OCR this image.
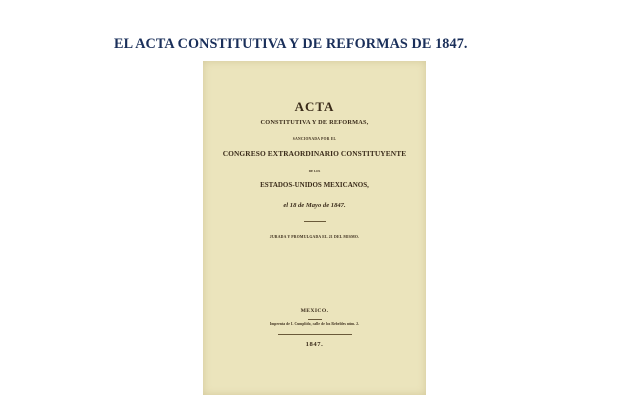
EL ACTA CONSTITUTIVA Y DE REFORMAS DE 1847.
ACTA
CONSTITUTIVA Y DE REFORMAS,
SANCIONADA POR EL
CONGRESO EXTRAORDINARIO CONSTITUYENTE
DE LOS
ESTADOS-UNIDOS MEXICANOS,
el 18 de Mayo de 1847.
JURADA Y PROMULGADA EL 21 DEL MISMO.
MEXICO.
Imprenta de I. Cumplido, calle de los Rebeldes núm. 2.
1847.
